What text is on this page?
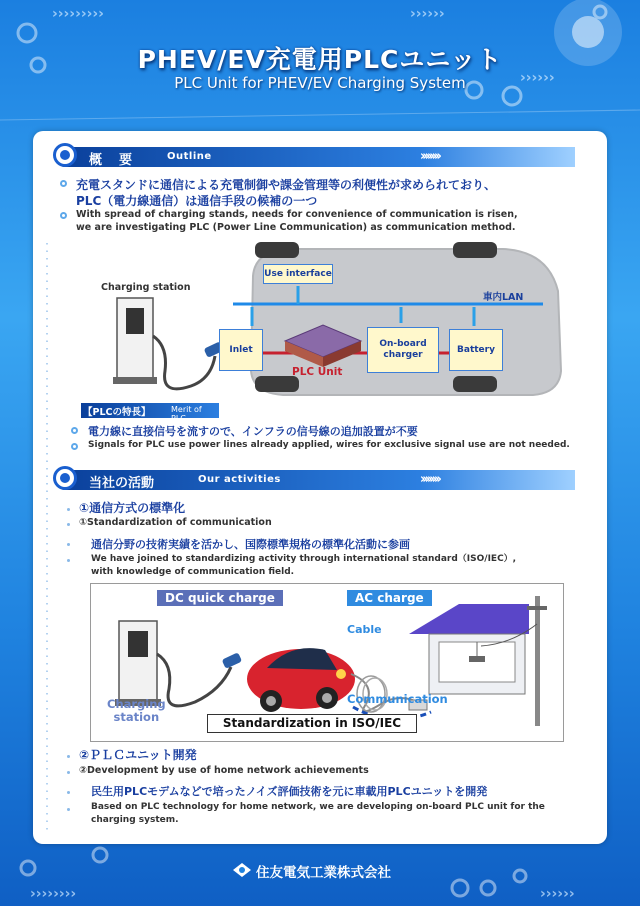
›››››››››	››››››
››››››
››››››››	››››››
PHEV/EV充電用PLCユニット
PLC Unit for PHEV/EV Charging System
概　要	Outline	››››››››
充電スタンドに通信による充電制御や課金管理等の利便性が求められており、
PLC（電力線通信）は通信手段の候補の一つ
With spread of charging stands, needs for convenience of communication is risen,
we are investigating PLC (Power Line Communication) as communication method.
Charging station
Use interface
車内LAN
Inlet
On-board
charger
Battery
PLC Unit
【PLCの特長】	Merit of PLC
電力線に直接信号を流すので、インフラの信号線の追加設置が不要
Signals for PLC use power lines already applied, wires for exclusive signal use are not needed.
当社の活動	Our activities	››››››››
①通信方式の標準化
①Standardization of communication
通信分野の技術実績を活かし、国際標準規格の標準化活動に参画
We have joined to standardizing activity through international standard（ISO/IEC）,
with knowledge of communication field.
DC quick charge	AC charge
Cable
Communication
Charging
station	Standardization in ISO/IEC
②ＰＬＣユニット開発
②Development by use of home network achievements
民生用PLCモデムなどで培ったノイズ評価技術を元に車載用PLCユニットを開発
Based on PLC technology for home network, we are developing on-board PLC unit for the
charging system.
住友電気工業株式会社
